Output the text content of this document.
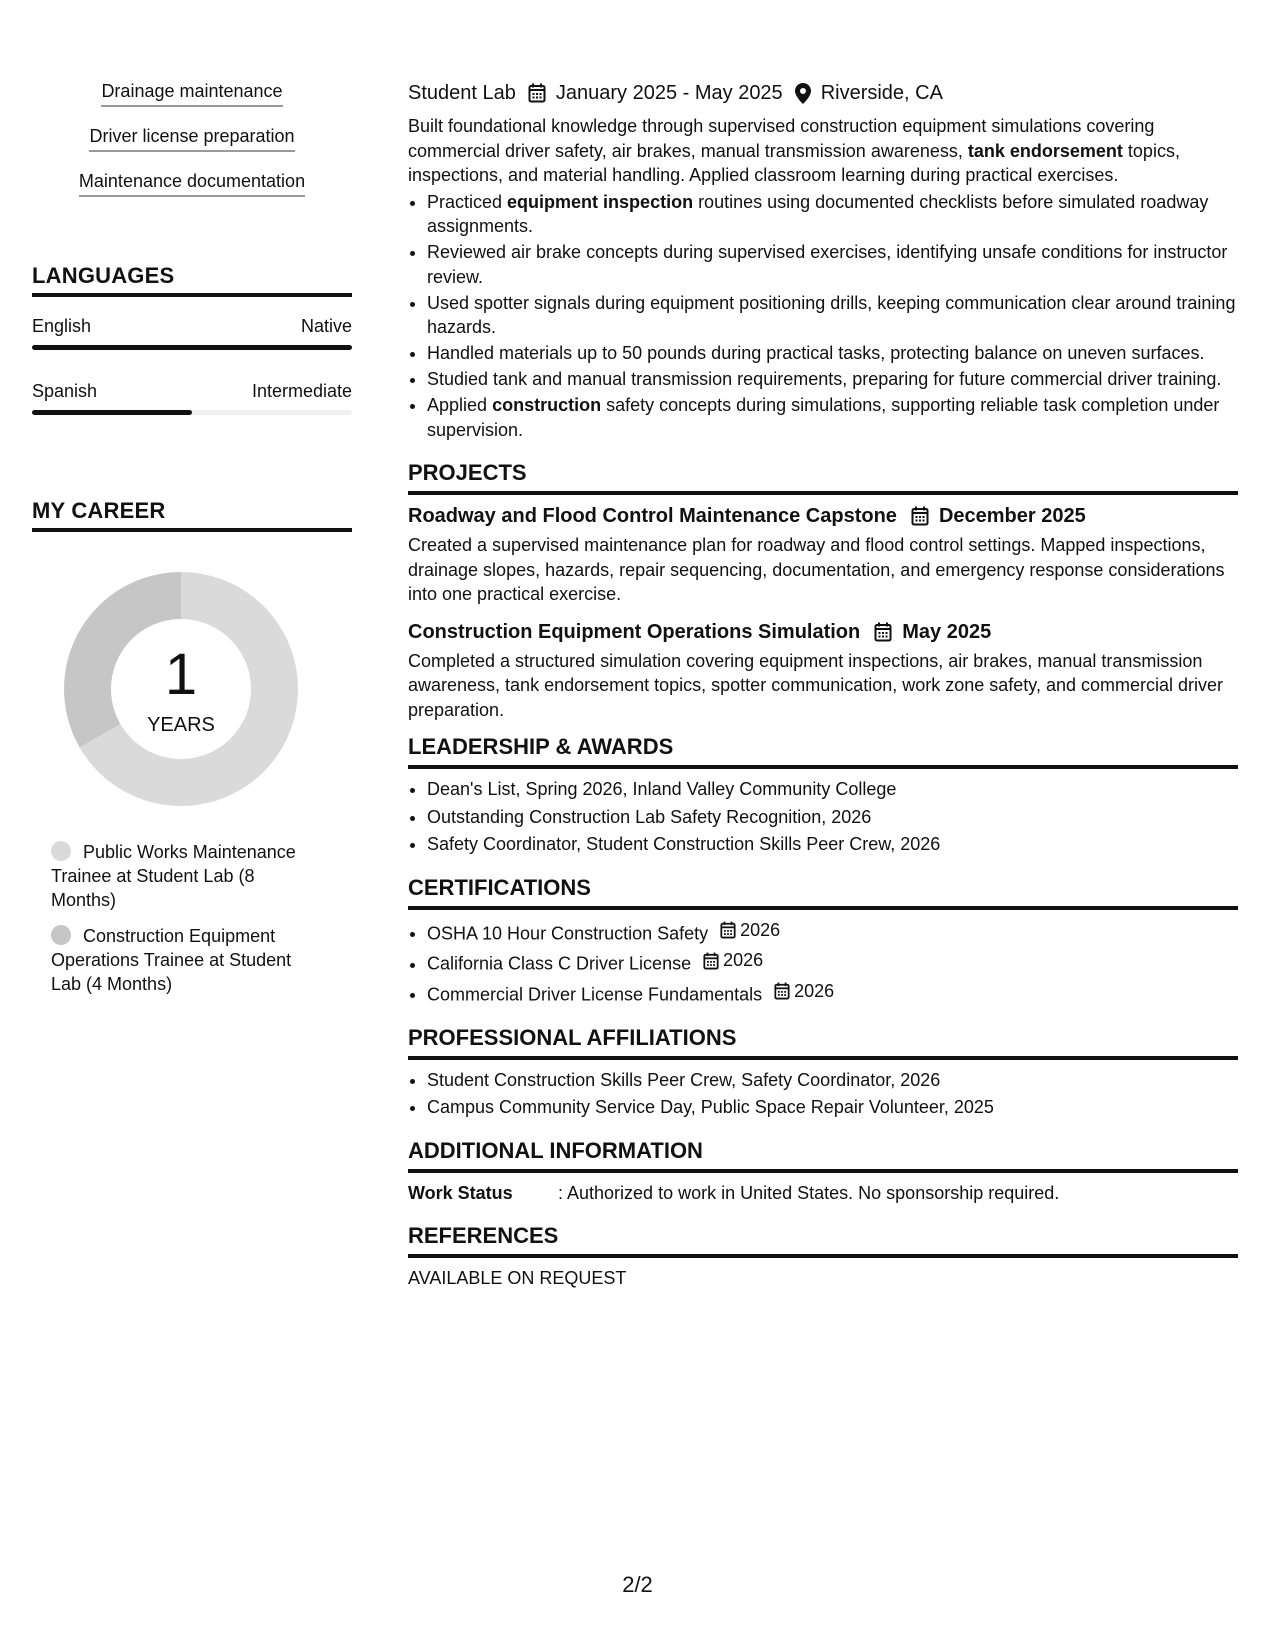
Drainage maintenance
Driver license preparation
Maintenance documentation
LANGUAGES
English	Native
Spanish	Intermediate
MY CAREER
1
YEARS
Public Works Maintenance Trainee at Student Lab (8 Months)
Construction Equipment Operations Trainee at Student Lab (4 Months)
Student Lab January 2025 - May 2025 Riverside, CA
Built foundational knowledge through supervised construction equipment simulations covering commercial driver safety, air brakes, manual transmission awareness, tank endorsement topics, inspections, and material handling. Applied classroom learning during practical exercises.
• Practiced equipment inspection routines using documented checklists before simulated roadway assignments.
• Reviewed air brake concepts during supervised exercises, identifying unsafe conditions for instructor review.
• Used spotter signals during equipment positioning drills, keeping communication clear around training hazards.
• Handled materials up to 50 pounds during practical tasks, protecting balance on uneven surfaces.
• Studied tank and manual transmission requirements, preparing for future commercial driver training.
• Applied construction safety concepts during simulations, supporting reliable task completion under supervision.
PROJECTS
Roadway and Flood Control Maintenance Capstone December 2025
Created a supervised maintenance plan for roadway and flood control settings. Mapped inspections, drainage slopes, hazards, repair sequencing, documentation, and emergency response considerations into one practical exercise.
Construction Equipment Operations Simulation May 2025
Completed a structured simulation covering equipment inspections, air brakes, manual transmission awareness, tank endorsement topics, spotter communication, work zone safety, and commercial driver preparation.
LEADERSHIP & AWARDS
• Dean's List, Spring 2026, Inland Valley Community College
• Outstanding Construction Lab Safety Recognition, 2026
• Safety Coordinator, Student Construction Skills Peer Crew, 2026
CERTIFICATIONS
• OSHA 10 Hour Construction Safety 2026
• California Class C Driver License 2026
• Commercial Driver License Fundamentals 2026
PROFESSIONAL AFFILIATIONS
• Student Construction Skills Peer Crew, Safety Coordinator, 2026
• Campus Community Service Day, Public Space Repair Volunteer, 2025
ADDITIONAL INFORMATION
Work Status	: Authorized to work in United States. No sponsorship required.
REFERENCES
AVAILABLE ON REQUEST
2/2
